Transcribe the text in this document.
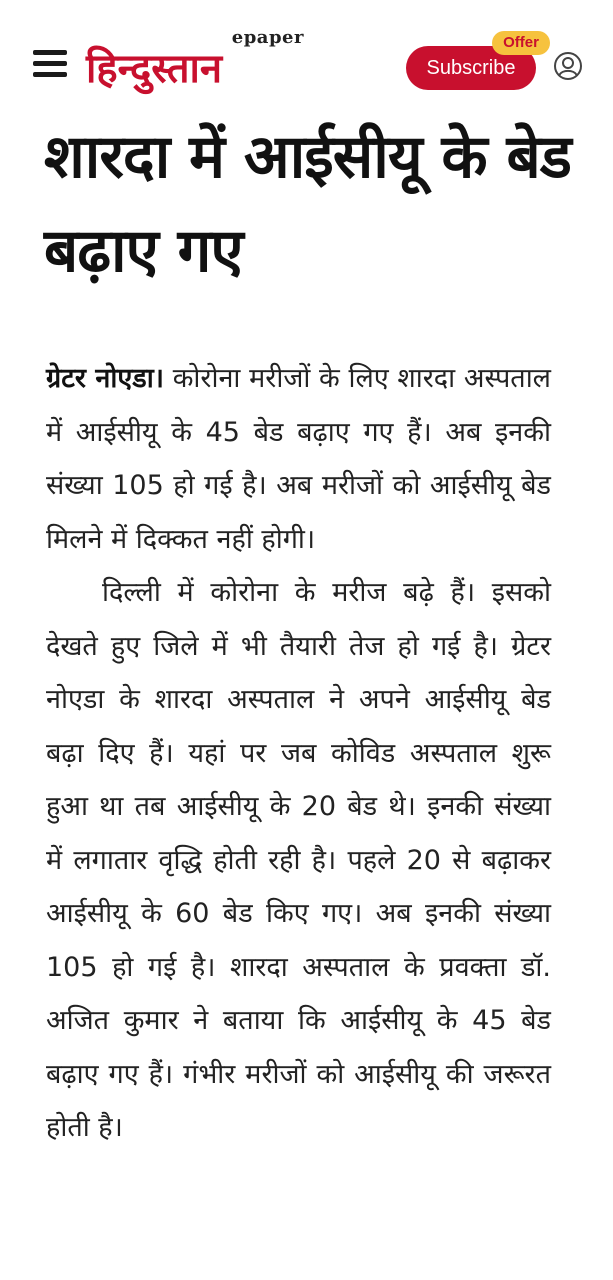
epaper
हिन्दुस्तान	Subscribe
Offer
शारदा में आईसीयू के बेड बढ़ाए गए

ग्रेटर नोएडा। कोरोना मरीजों के लिए शारदा अस्पताल में आईसीयू के 45 बेड बढ़ाए गए हैं। अब इनकी संख्या 105 हो गई है। अब मरीजों को आईसीयू बेड मिलने में दिक्कत नहीं होगी।

दिल्ली में कोरोना के मरीज बढ़े हैं। इसको देखते हुए जिले में भी तैयारी तेज हो गई है। ग्रेटर नोएडा के शारदा अस्पताल ने अपने आईसीयू बेड बढ़ा दिए हैं। यहां पर जब कोविड अस्पताल शुरू हुआ था तब आईसीयू के 20 बेड थे। इनकी संख्या में लगातार वृद्धि होती रही है। पहले 20 से बढ़ाकर आईसीयू के 60 बेड किए गए। अब इनकी संख्या 105 हो गई है। शारदा अस्पताल के प्रवक्ता डॉ. अजित कुमार ने बताया कि आईसीयू के 45 बेड बढ़ाए गए हैं। गंभीर मरीजों को आईसीयू की जरूरत होती है।
